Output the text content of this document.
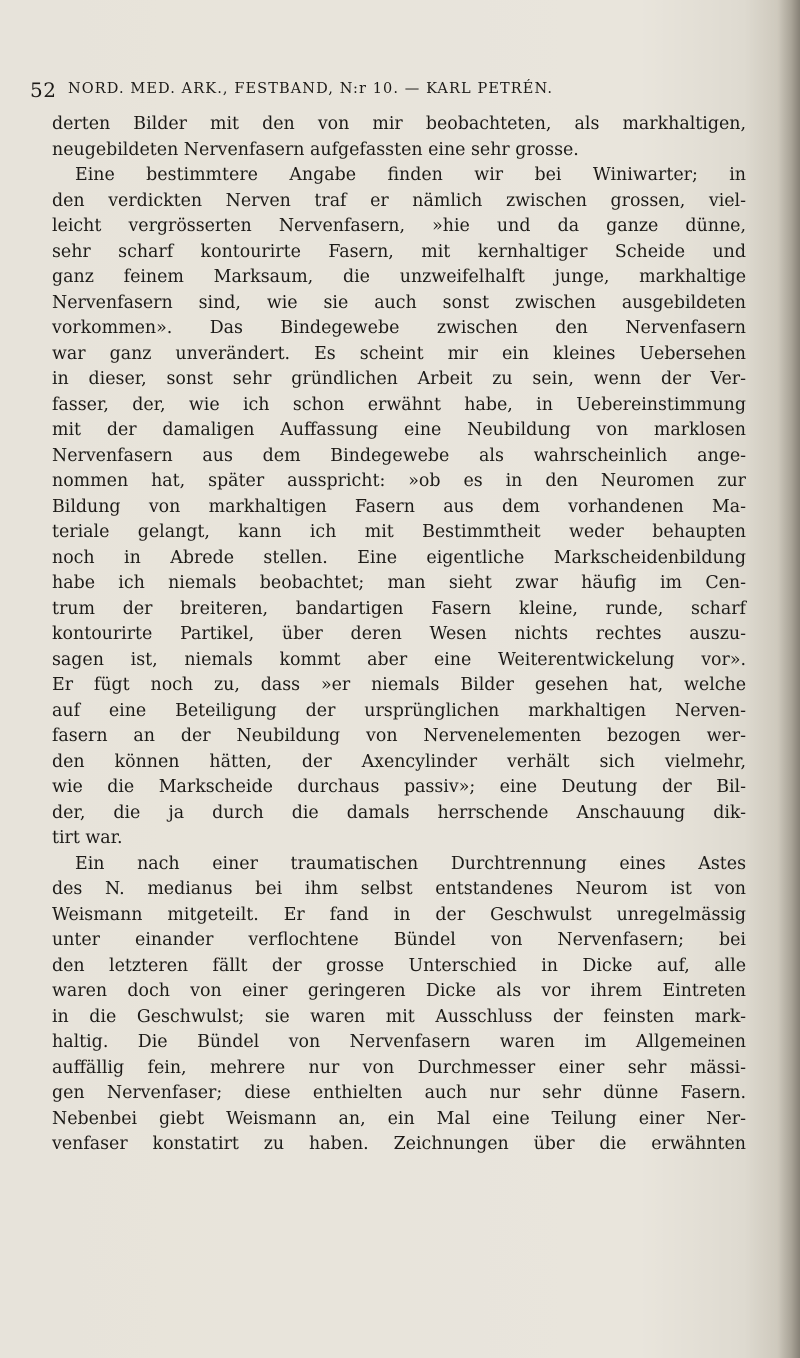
52 NORD. MED. ARK., FESTBAND, N:r 10. — KARL PETRÉN.
derten Bilder mit den von mir beobachteten, als markhaltigen,
neugebildeten Nervenfasern aufgefassten eine sehr grosse.
Eine bestimmtere Angabe finden wir bei Winiwarter; in
den verdickten Nerven traf er nämlich zwischen grossen, viel-
leicht vergrösserten Nervenfasern, »hie und da ganze dünne,
sehr scharf kontourirte Fasern, mit kernhaltiger Scheide und
ganz feinem Marksaum, die unzweifelhalft junge, markhaltige
Nervenfasern sind, wie sie auch sonst zwischen ausgebildeten
vorkommen». Das Bindegewebe zwischen den Nervenfasern
war ganz unverändert. Es scheint mir ein kleines Uebersehen
in dieser, sonst sehr gründlichen Arbeit zu sein, wenn der Ver-
fasser, der, wie ich schon erwähnt habe, in Uebereinstimmung
mit der damaligen Auffassung eine Neubildung von marklosen
Nervenfasern aus dem Bindegewebe als wahrscheinlich ange-
nommen hat, später ausspricht: »ob es in den Neuromen zur
Bildung von markhaltigen Fasern aus dem vorhandenen Ma-
teriale gelangt, kann ich mit Bestimmtheit weder behaupten
noch in Abrede stellen. Eine eigentliche Markscheidenbildung
habe ich niemals beobachtet; man sieht zwar häufig im Cen-
trum der breiteren, bandartigen Fasern kleine, runde, scharf
kontourirte Partikel, über deren Wesen nichts rechtes auszu-
sagen ist, niemals kommt aber eine Weiterentwickelung vor».
Er fügt noch zu, dass »er niemals Bilder gesehen hat, welche
auf eine Beteiligung der ursprünglichen markhaltigen Nerven-
fasern an der Neubildung von Nervenelementen bezogen wer-
den können hätten, der Axencylinder verhält sich vielmehr,
wie die Markscheide durchaus passiv»; eine Deutung der Bil-
der, die ja durch die damals herrschende Anschauung dik-
tirt war.
Ein nach einer traumatischen Durchtrennung eines Astes
des N. medianus bei ihm selbst entstandenes Neurom ist von
Weismann mitgeteilt. Er fand in der Geschwulst unregelmässig
unter einander verflochtene Bündel von Nervenfasern; bei
den letzteren fällt der grosse Unterschied in Dicke auf, alle
waren doch von einer geringeren Dicke als vor ihrem Eintreten
in die Geschwulst; sie waren mit Ausschluss der feinsten mark-
haltig. Die Bündel von Nervenfasern waren im Allgemeinen
auffällig fein, mehrere nur von Durchmesser einer sehr mässi-
gen Nervenfaser; diese enthielten auch nur sehr dünne Fasern.
Nebenbei giebt Weismann an, ein Mal eine Teilung einer Ner-
venfaser konstatirt zu haben. Zeichnungen über die erwähnten
